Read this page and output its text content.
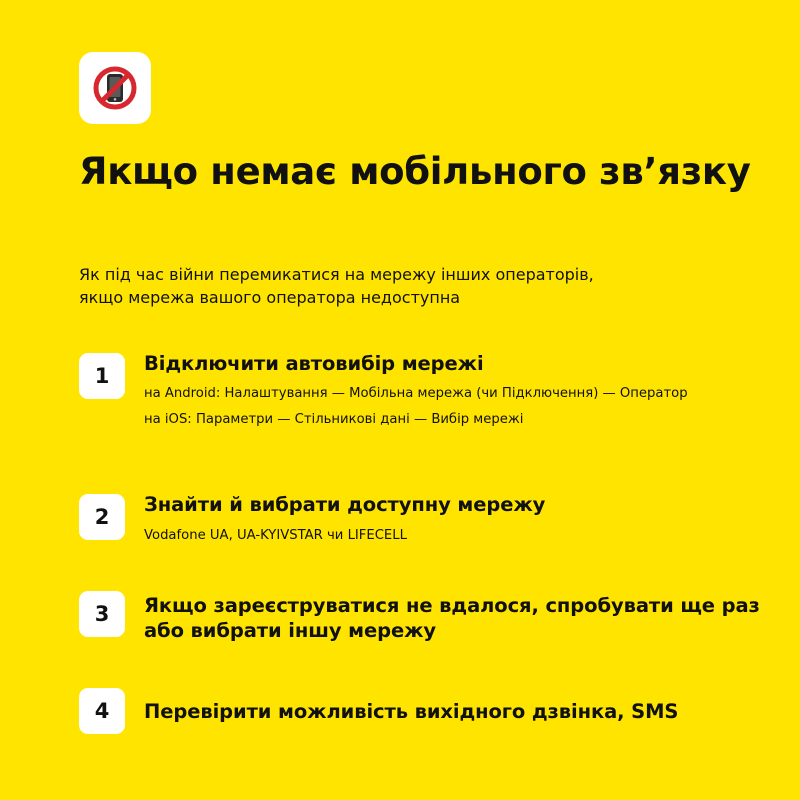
Якщо немає мобільного зв’язку

Як під час війни перемикатися на мережу інших операторів,
якщо мережа вашого оператора недоступна

1

Відключити автовибір мережі

на Android: Налаштування — Мобільна мережа (чи Підключення) — Оператор

на iOS: Параметри — Стільникові дані — Вибір мережі

2

Знайти й вибрати доступну мережу

Vodafone UA, UA-KYIVSTAR чи LIFECELL

3	Якщо зареєструватися не вдалося, спробувати ще раз або вибрати іншу мережу

4	Перевірити можливість вихідного дзвінка, SMS
